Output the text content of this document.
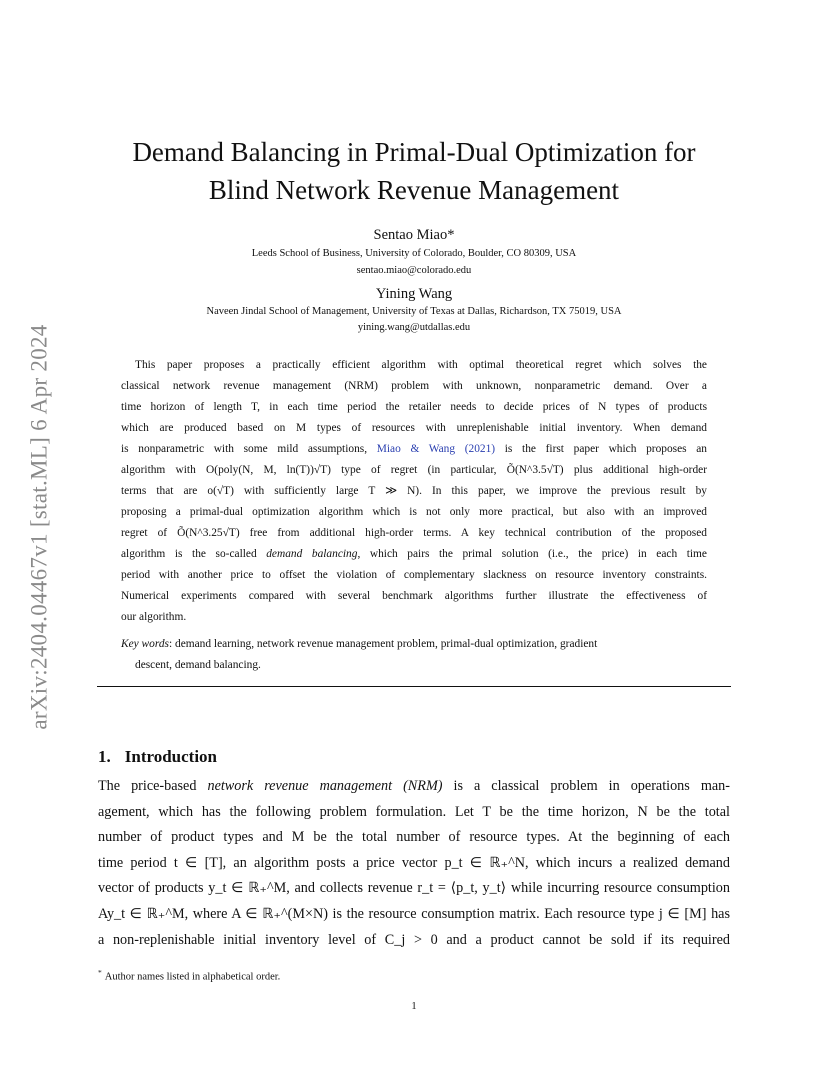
arXiv:2404.04467v1 [stat.ML] 6 Apr 2024
Demand Balancing in Primal-Dual Optimization for
Blind Network Revenue Management
Sentao Miao*
Leeds School of Business, University of Colorado, Boulder, CO 80309, USA
sentao.miao@colorado.edu
Yining Wang
Naveen Jindal School of Management, University of Texas at Dallas, Richardson, TX 75019, USA
yining.wang@utdallas.edu
This paper proposes a practically efficient algorithm with optimal theoretical regret which solves the
classical network revenue management (NRM) problem with unknown, nonparametric demand. Over a
time horizon of length T, in each time period the retailer needs to decide prices of N types of products
which are produced based on M types of resources with unreplenishable initial inventory. When demand
is nonparametric with some mild assumptions, Miao & Wang (2021) is the first paper which proposes an
algorithm with O(poly(N, M, ln(T))√T) type of regret (in particular, Õ(N^3.5√T) plus additional high-order
terms that are o(√T) with sufficiently large T ≫ N). In this paper, we improve the previous result by
proposing a primal-dual optimization algorithm which is not only more practical, but also with an improved
regret of Õ(N^3.25√T) free from additional high-order terms. A key technical contribution of the proposed
algorithm is the so-called demand balancing, which pairs the primal solution (i.e., the price) in each time
period with another price to offset the violation of complementary slackness on resource inventory constraints.
Numerical experiments compared with several benchmark algorithms further illustrate the effectiveness of
our algorithm.
Key words: demand learning, network revenue management problem, primal-dual optimization, gradient
descent, demand balancing.
1. Introduction
The price-based network revenue management (NRM) is a classical problem in operations man-
agement, which has the following problem formulation. Let T be the time horizon, N be the total
number of product types and M be the total number of resource types. At the beginning of each
time period t ∈ [T], an algorithm posts a price vector p_t ∈ ℝ₊^N, which incurs a realized demand
vector of products y_t ∈ ℝ₊^M, and collects revenue r_t = ⟨p_t, y_t⟩ while incurring resource consumption
Ay_t ∈ ℝ₊^M, where A ∈ ℝ₊^(M×N) is the resource consumption matrix. Each resource type j ∈ [M] has
a non-replenishable initial inventory level of C_j > 0 and a product cannot be sold if its required
* Author names listed in alphabetical order.
1
